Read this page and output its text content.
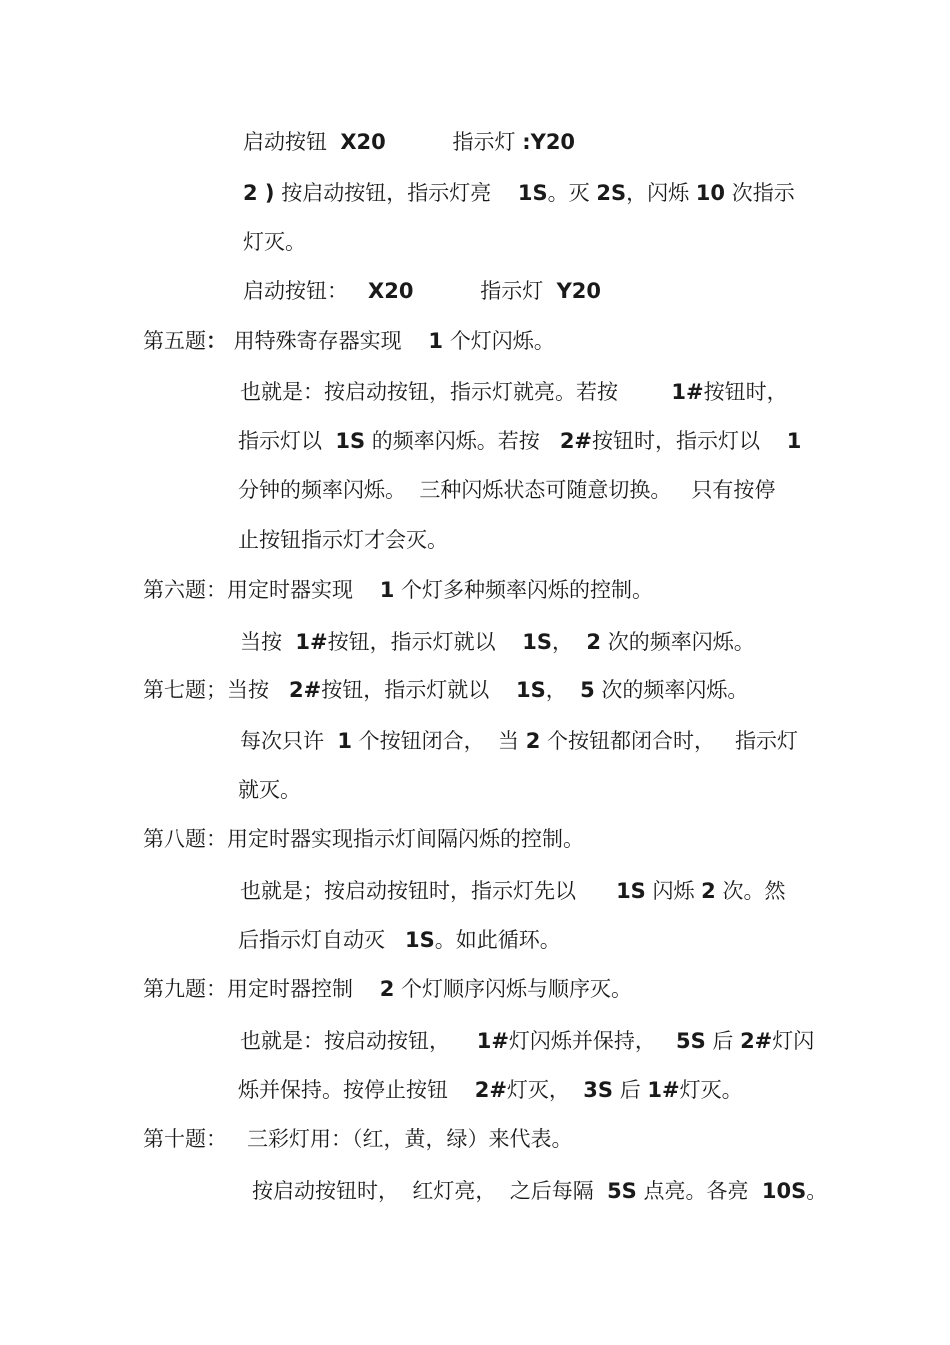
启动按钮  X20          指示灯 :Y20
2 ) 按启动按钮，指示灯亮    1S。灭 2S，闪烁 10 次指示
灯灭。
启动按钮：   X20          指示灯  Y20
第五题： 用特殊寄存器实现    1 个灯闪烁。
也就是：按启动按钮，指示灯就亮。若按        1#按钮时，
指示灯以  1S 的频率闪烁。若按   2#按钮时，指示灯以    1
分钟的频率闪烁。  三种闪烁状态可随意切换。   只有按停
止按钮指示灯才会灭。
第六题：用定时器实现    1 个灯多种频率闪烁的控制。
当按  1#按钮，指示灯就以    1S，  2 次的频率闪烁。
第七题；当按   2#按钮，指示灯就以    1S，  5 次的频率闪烁。
每次只许  1 个按钮闭合，  当 2 个按钮都闭合时，   指示灯
就灭。
第八题：用定时器实现指示灯间隔闪烁的控制。
也就是；按启动按钮时，指示灯先以      1S 闪烁 2 次。然
后指示灯自动灭   1S。如此循环。
第九题：用定时器控制    2 个灯顺序闪烁与顺序灭。
也就是：按启动按钮，    1#灯闪烁并保持，   5S 后 2#灯闪
烁并保持。按停止按钮    2#灯灭，  3S 后 1#灯灭。
第十题：   三彩灯用：（红，黄，绿）来代表。
按启动按钮时，  红灯亮，  之后每隔  5S 点亮。各亮  10S。
